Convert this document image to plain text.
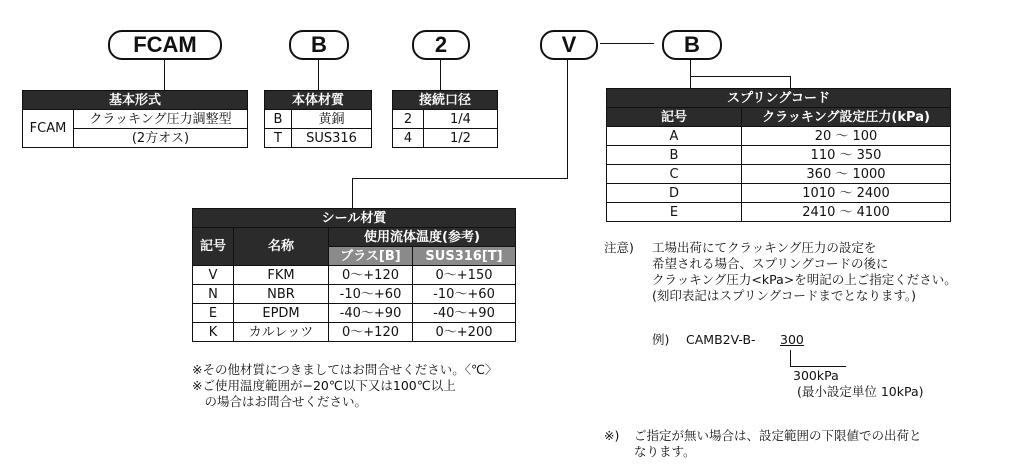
FCAM	B	2	V	B
基本形式
FCAM	クラッキング圧力調整型
(2方オス)
本体材質	
B	黄銅
T	SUS316
接続口径	
2	1/4
4	1/2
スプリングコード	
記号	クラッキング設定圧力(kPa)
A	20 ～ 100
B	110 ～ 350
C	360 ～ 1000
D	1010 ～ 2400
E	2410 ～ 4100
シール材質			
記号	名称	使用流体温度(参考)	
		ブラス[B]	SUS316[T]
V	FKM	0～+120	0～+150
N	NBR	-10～+60	-10～+60
E	EPDM	-40～+90	-40～+90
K	カルレッツ	0～+120	0～+200
※その他材質につきましてはお問合せください。〈℃〉
※ご使用温度範囲が−20℃以下又は100℃以上
　の場合はお問合せください。
注意) 工場出荷にてクラッキング圧力の設定を
希望される場合、スプリングコードの後に
クラッキング圧力<kPa>を明記の上ご指定ください。
(刻印表記はスプリングコードまでとなります。)
例) CAMB2V-B- 300
300kPa
(最小設定単位 10kPa)
※) ご指定が無い場合は、設定範囲の下限値での出荷と
なります。
